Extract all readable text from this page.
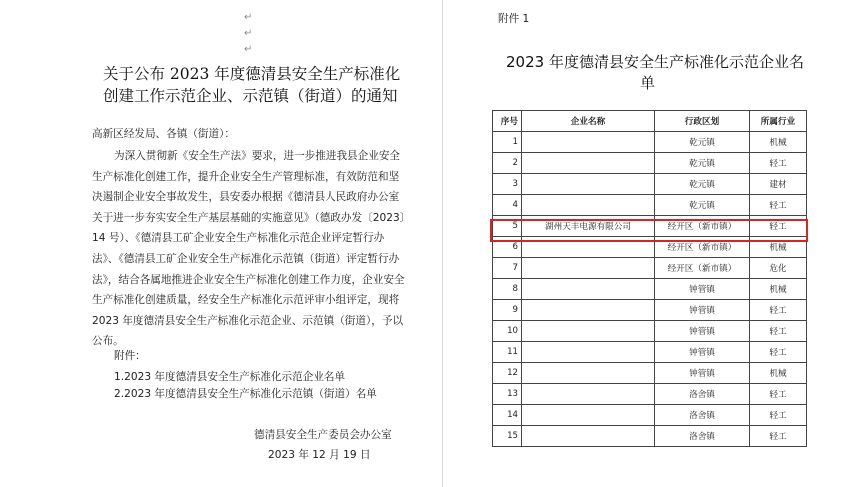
↵
↵
↵
关于公布 2023 年度德清县安全生产标准化
创建工作示范企业、示范镇（街道）的通知
高新区经发局、各镇（街道）：

为深入贯彻新《安全生产法》要求，进一步推进我县企业安全生产标准化创建工作，提升企业安全生产管理标准，有效防范和坚决遏制企业安全事故发生，县安委办根据《德清县人民政府办公室关于进一步夯实安全生产基层基础的实施意见》（德政办发〔2023〕14 号）、《德清县工矿企业安全生产标准化示范企业评定暂行办法》、《德清县工矿企业安全生产标准化示范镇（街道）评定暂行办法》，结合各属地推进企业安全生产标准化创建工作力度，企业安全生产标准化创建质量，经安全生产标准化示范评审小组评定，现将 2023 年度德清县安全生产标准化示范企业、示范镇（街道），予以公布。

附件：
1.2023 年度德清县安全生产标准化示范企业名单
2.2023 年度德清县安全生产标准化示范镇（街道）名单
德清县安全生产委员会办公室
2023 年 12 月 19 日
附件 1
2023 年度德清县安全生产标准化示范企业名
单
序号	企业名称	行政区划	所属行业
1		乾元镇	机械
2		乾元镇	轻工
3		乾元镇	建材
4		乾元镇	轻工
5	湖州天丰电源有限公司	经开区（新市镇）	轻工
6		经开区（新市镇）	机械
7		经开区（新市镇）	危化
8		钟管镇	机械
9		钟管镇	轻工
10		钟管镇	轻工
11		钟管镇	轻工
12		钟管镇	机械
13		洛舍镇	轻工
14		洛舍镇	轻工
15		洛舍镇	轻工
